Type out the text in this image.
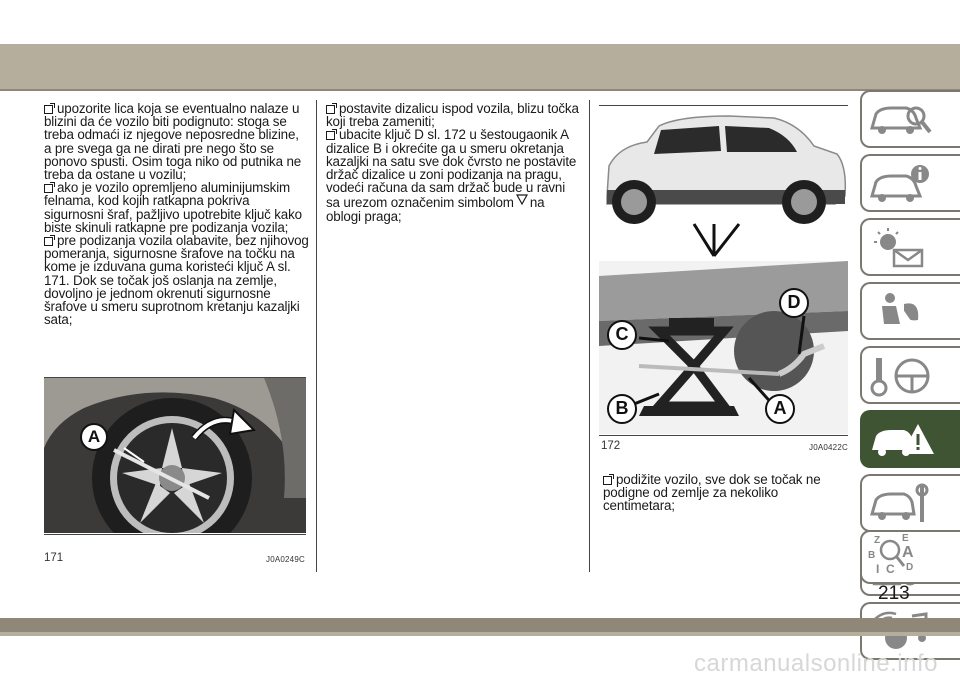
upozorite lica koja se eventualno nalaze u blizini da će vozilo biti podignuto: stoga se treba odmaći iz njegove neposredne blizine, a pre svega ga ne dirati pre nego što se ponovo spusti. Osim toga niko od putnika ne treba da ostane u vozilu;

ako je vozilo opremljeno aluminijumskim felnama, kod kojih ratkapna pokriva sigurnosni šraf, pažljivo upotrebite ključ kako biste skinuli ratkapne pre podizanja vozila;

pre podizanja vozila olabavite, bez njihovog pomeranja, sigurnosne šrafove na točku na kome je izduvana guma koristeći ključ A sl. 171. Dok se točak još oslanja na zemlje, dovoljno je jednom okrenuti sigurnosne šrafove u smeru suprotnom kretanju kazaljki sata;

postavite dizalicu ispod vozila, blizu točka koji treba zameniti;

ubacite ključ D sl. 172 u šestougaonik A dizalice B i okrećite ga u smeru okretanja kazaljki na satu sve dok čvrsto ne postavite držač dizalice u zoni podizanja na pragu, vodeći računa da sam držač bude u ravni sa urezom označenim simbolom na oblogi praga;

podižite vozilo, sve dok se točak ne podigne od zemlje za nekoliko centimetara;

A
171	J0A0249C
D
C
B	A
172	J0A0422C
Z E
A
B
C D
I
213
carmanualsonline.info
